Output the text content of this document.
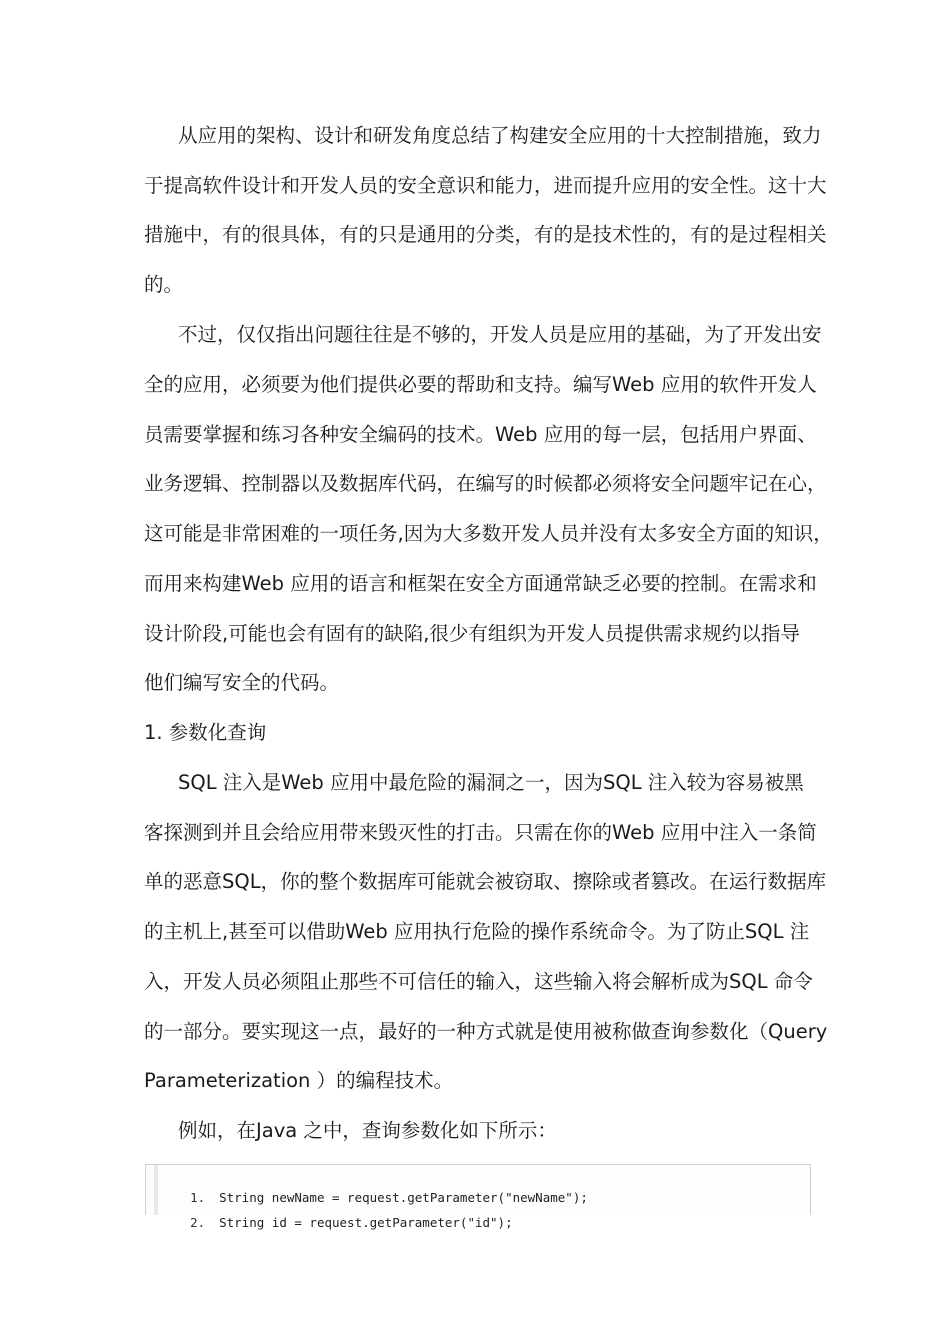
从应用的架构、设计和研发角度总结了构建安全应用的十大控制措施，致力
于提高软件设计和开发人员的安全意识和能力，进而提升应用的安全性。这十大
措施中，有的很具体，有的只是通用的分类，有的是技术性的，有的是过程相关
的。
不过，仅仅指出问题往往是不够的，开发人员是应用的基础，为了开发出安
全的应用，必须要为他们提供必要的帮助和支持。编写Web 应用的软件开发人
员需要掌握和练习各种安全编码的技术。Web 应用的每一层，包括用户界面、
业务逻辑、控制器以及数据库代码，在编写的时候都必须将安全问题牢记在心，
这可能是非常困难的一项任务,因为大多数开发人员并没有太多安全方面的知识，
而用来构建Web 应用的语言和框架在安全方面通常缺乏必要的控制。在需求和
设计阶段,可能也会有固有的缺陷,很少有组织为开发人员提供需求规约以指导
他们编写安全的代码。
1. 参数化查询
SQL 注入是Web 应用中最危险的漏洞之一，因为SQL 注入较为容易被黑
客探测到并且会给应用带来毁灭性的打击。只需在你的Web 应用中注入一条简
单的恶意SQL，你的整个数据库可能就会被窃取、擦除或者篡改。在运行数据库
的主机上,甚至可以借助Web 应用执行危险的操作系统命令。为了防止SQL 注
入，开发人员必须阻止那些不可信任的输入，这些输入将会解析成为SQL 命令
的一部分。要实现这一点，最好的一种方式就是使用被称做查询参数化（Query
Parameterization ）的编程技术。
例如，在Java 之中，查询参数化如下所示：

1. String newName = request.getParameter("newName");

2. String id = request.getParameter("id");
